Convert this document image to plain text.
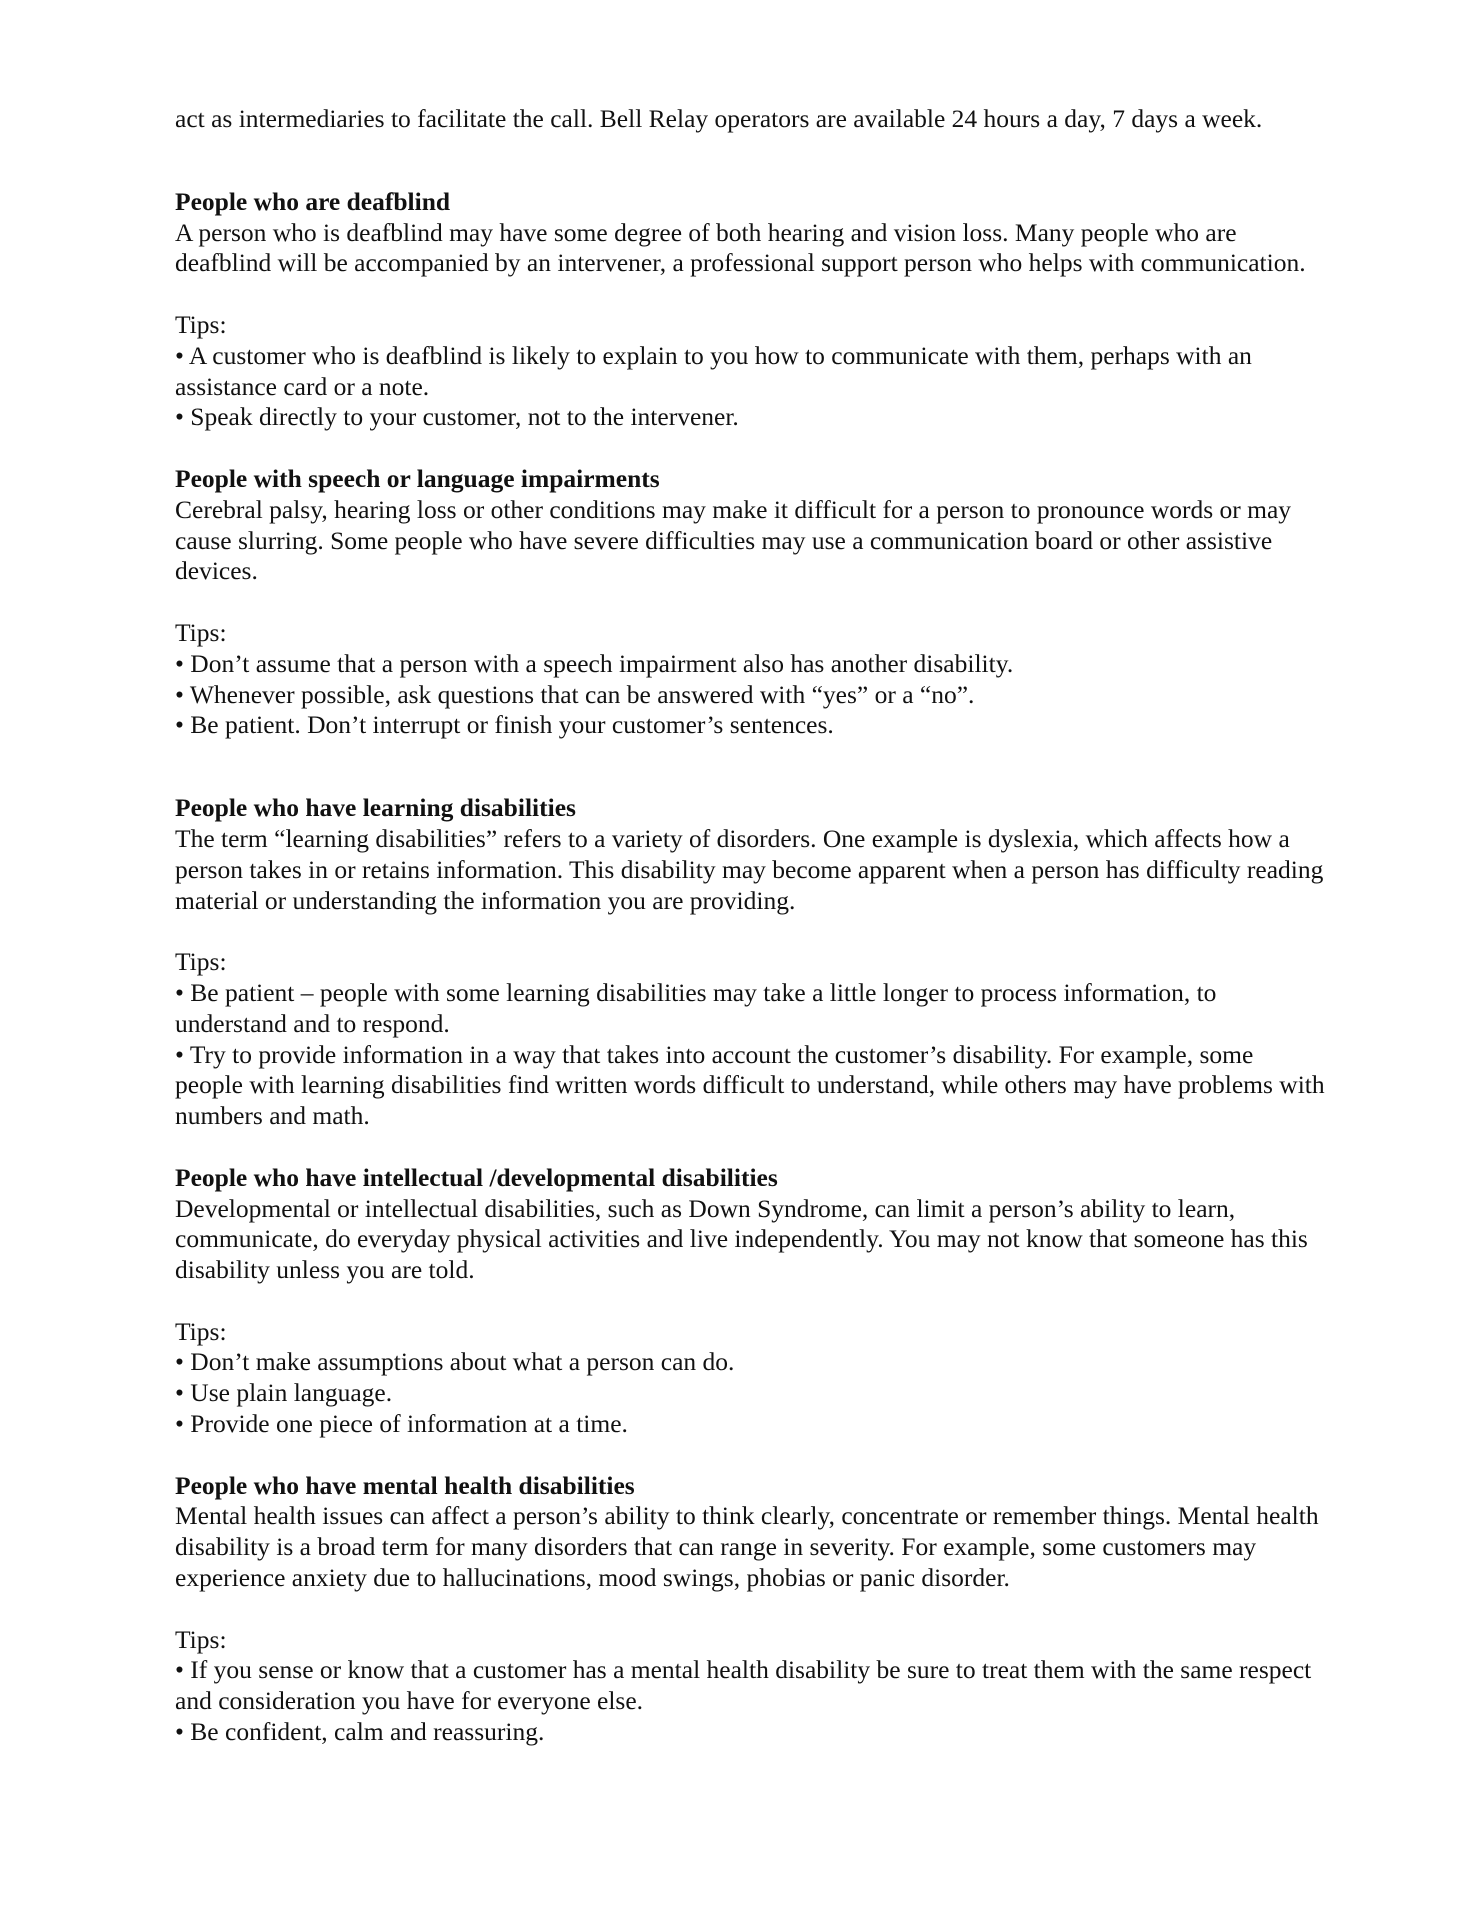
act as intermediaries to facilitate the call. Bell Relay operators are available 24 hours a day, 7 days a week.

People who are deafblind

A person who is deafblind may have some degree of both hearing and vision loss. Many people who are deafblind will be accompanied by an intervener, a professional support person who helps with communication.

Tips:

• A customer who is deafblind is likely to explain to you how to communicate with them, perhaps with an assistance card or a note.

• Speak directly to your customer, not to the intervener.

People with speech or language impairments

Cerebral palsy, hearing loss or other conditions may make it difficult for a person to pronounce words or may cause slurring. Some people who have severe difficulties may use a communication board or other assistive devices.

Tips:

• Don’t assume that a person with a speech impairment also has another disability.

• Whenever possible, ask questions that can be answered with “yes” or a “no”.

• Be patient. Don’t interrupt or finish your customer’s sentences.

People who have learning disabilities

The term “learning disabilities” refers to a variety of disorders. One example is dyslexia, which affects how a person takes in or retains information. This disability may become apparent when a person has difficulty reading material or understanding the information you are providing.

Tips:

• Be patient – people with some learning disabilities may take a little longer to process information, to understand and to respond.

• Try to provide information in a way that takes into account the customer’s disability. For example, some people with learning disabilities find written words difficult to understand, while others may have problems with numbers and math.

People who have intellectual /developmental disabilities

Developmental or intellectual disabilities, such as Down Syndrome, can limit a person’s ability to learn, communicate, do everyday physical activities and live independently. You may not know that someone has this disability unless you are told.

Tips:

• Don’t make assumptions about what a person can do.

• Use plain language.

• Provide one piece of information at a time.

People who have mental health disabilities

Mental health issues can affect a person’s ability to think clearly, concentrate or remember things. Mental health disability is a broad term for many disorders that can range in severity. For example, some customers may experience anxiety due to hallucinations, mood swings, phobias or panic disorder.

Tips:

• If you sense or know that a customer has a mental health disability be sure to treat them with the same respect and consideration you have for everyone else.

• Be confident, calm and reassuring.
